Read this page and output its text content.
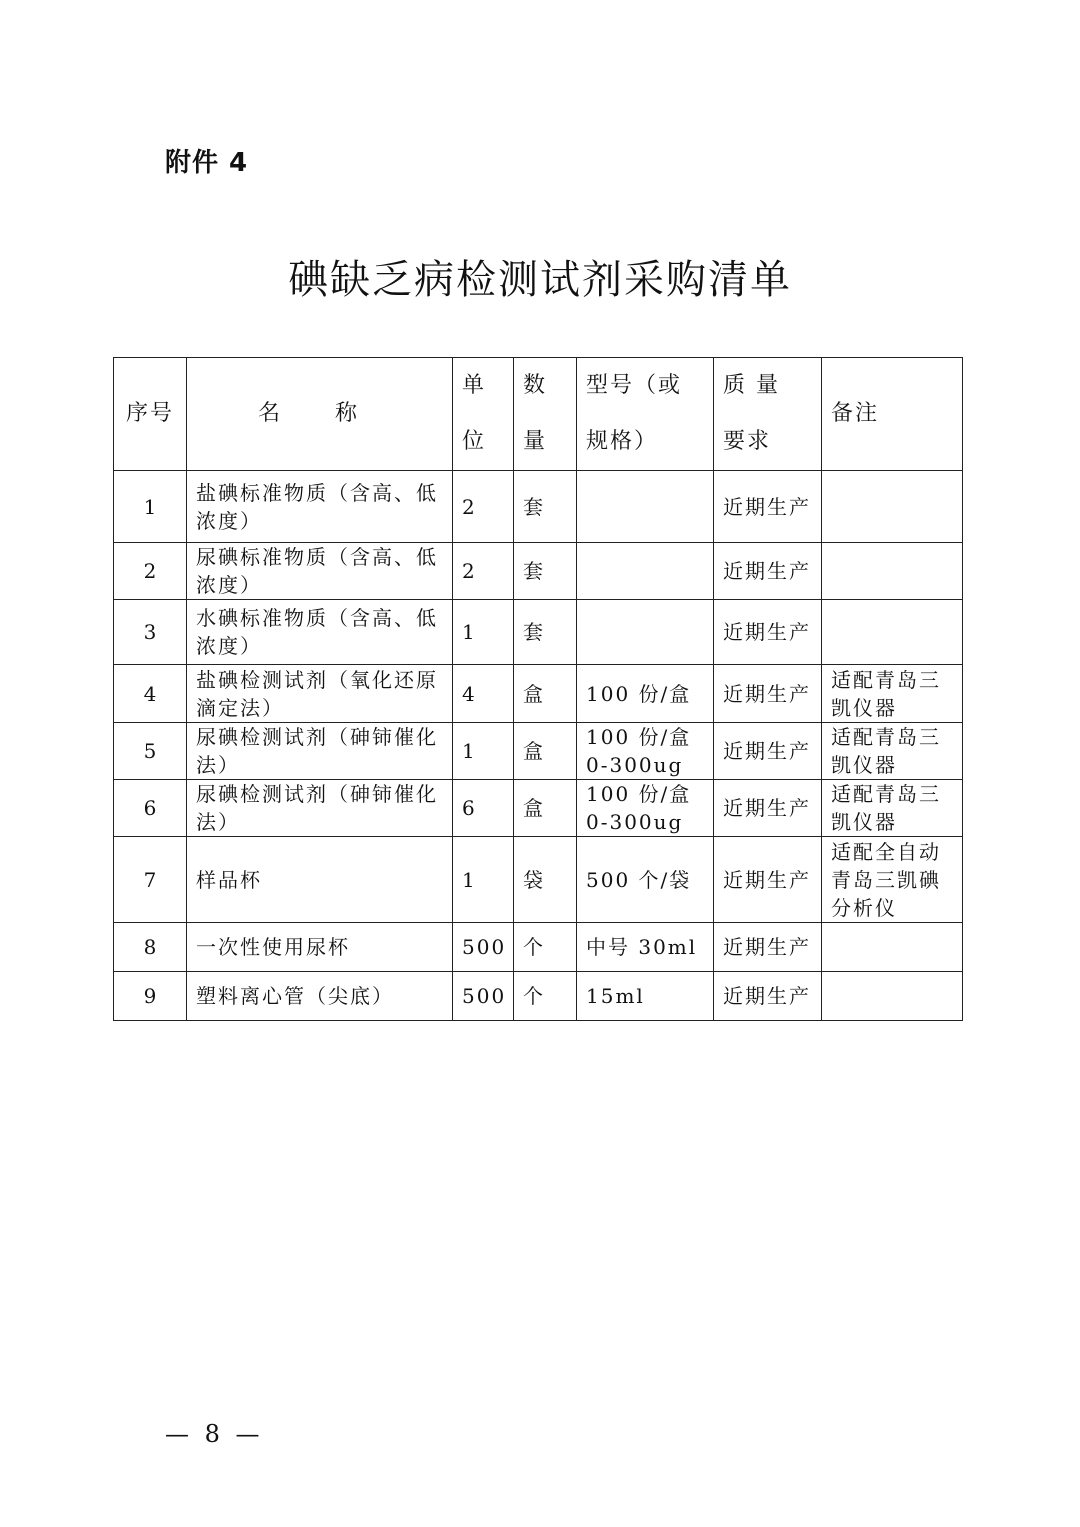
附件 4
碘缺乏病检测试剂采购清单
序号	名 称	单位	数量	型号（或规格）	质 量 要求	备注
1	盐碘标准物质（含高、低浓度）	2	套		近期生产	
2	尿碘标准物质（含高、低浓度）	2	套		近期生产	
3	水碘标准物质（含高、低浓度）	1	套		近期生产	
4	盐碘检测试剂（氧化还原滴定法）	4	盒	100 份/盒	近期生产	适配青岛三凯仪器
5	尿碘检测试剂（砷铈催化法）	1	盒	100 份/盒 0-300ug	近期生产	适配青岛三凯仪器
6	尿碘检测试剂（砷铈催化法）	6	盒	100 份/盒 0-300ug	近期生产	适配青岛三凯仪器
7	样品杯	1	袋	500 个/袋	近期生产	适配全自动青岛三凯碘分析仪
8	一次性使用尿杯	500	个	中号 30ml	近期生产	
9	塑料离心管（尖底）	500	个	15ml	近期生产	
— 8 —
